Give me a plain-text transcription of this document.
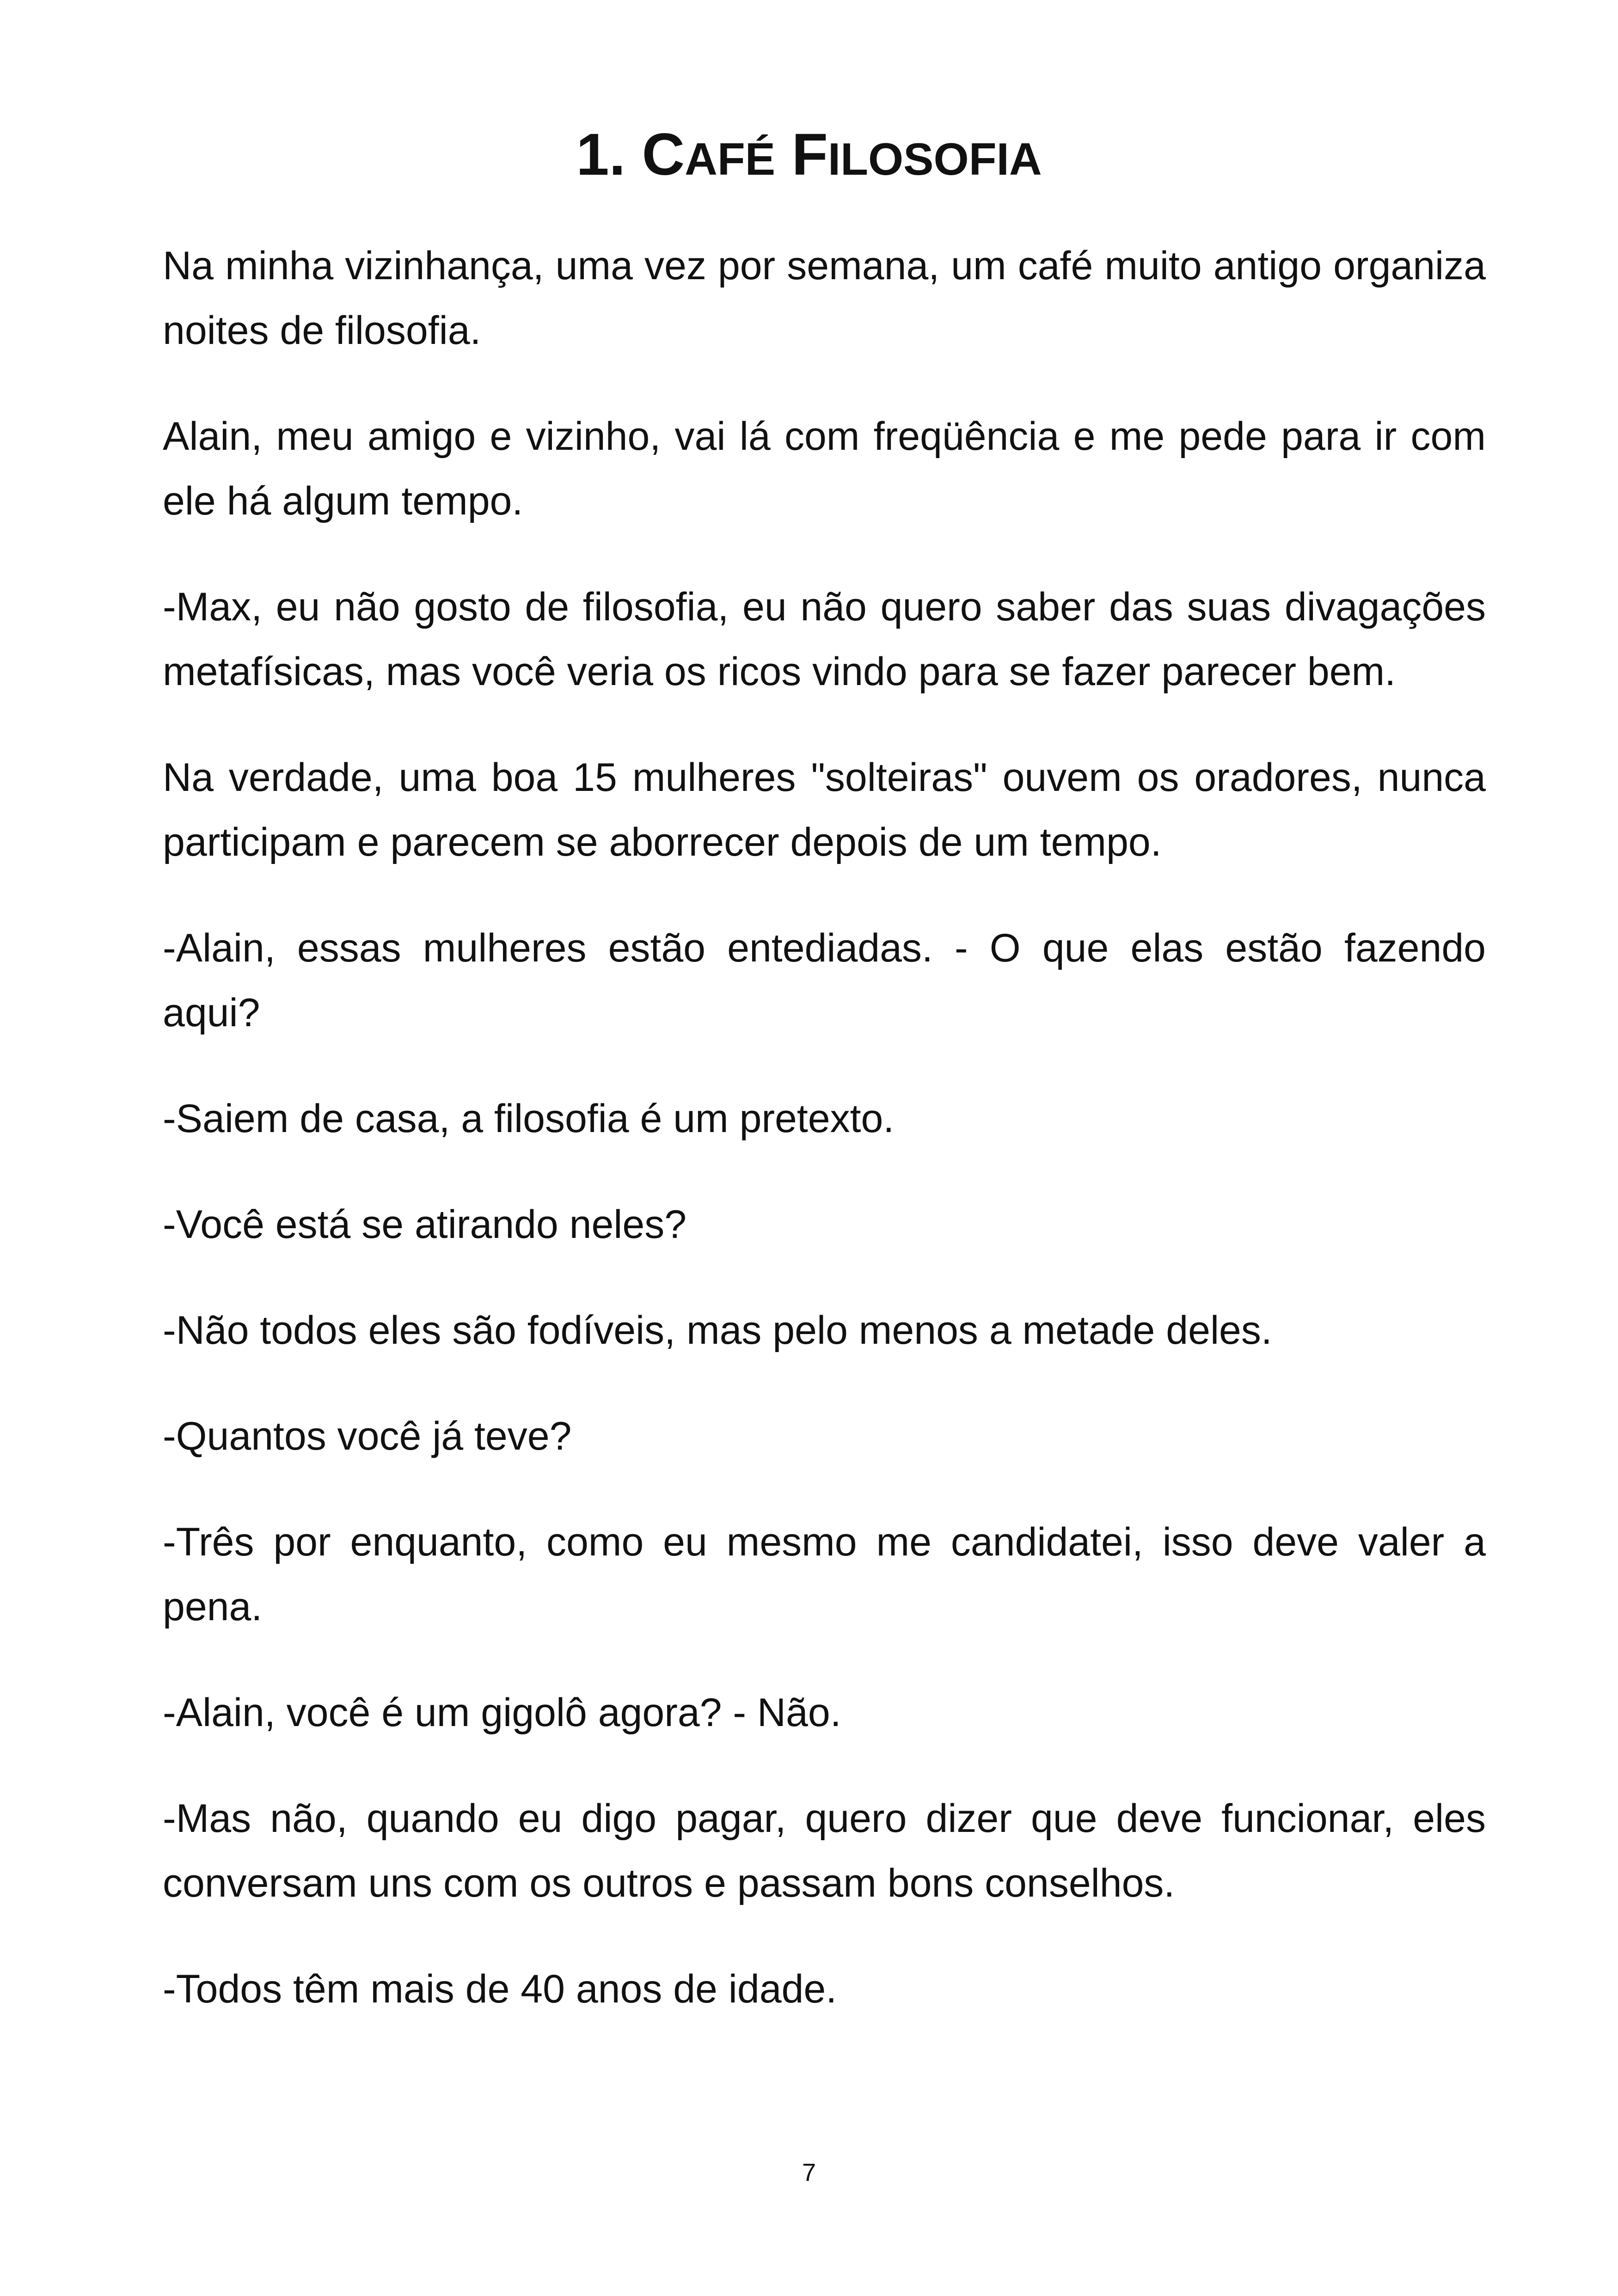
1. CAFÉ FILOSOFIA

Na minha vizinhança, uma vez por semana, um café muito antigo organiza noites de filosofia.

Alain, meu amigo e vizinho, vai lá com freqüência e me pede para ir com ele há algum tempo.

-Max, eu não gosto de filosofia, eu não quero saber das suas divagações metafísicas, mas você veria os ricos vindo para se fazer parecer bem.

Na verdade, uma boa 15 mulheres "solteiras" ouvem os oradores, nunca participam e parecem se aborrecer depois de um tempo.

-Alain, essas mulheres estão entediadas. - O que elas estão fazendo aqui?

-Saiem de casa, a filosofia é um pretexto.

-Você está se atirando neles?

-Não todos eles são fodíveis, mas pelo menos a metade deles.

-Quantos você já teve?

-Três por enquanto, como eu mesmo me candidatei, isso deve valer a pena.

-Alain, você é um gigolô agora? - Não.

-Mas não, quando eu digo pagar, quero dizer que deve funcionar, eles conversam uns com os outros e passam bons conselhos.

-Todos têm mais de 40 anos de idade.

7
